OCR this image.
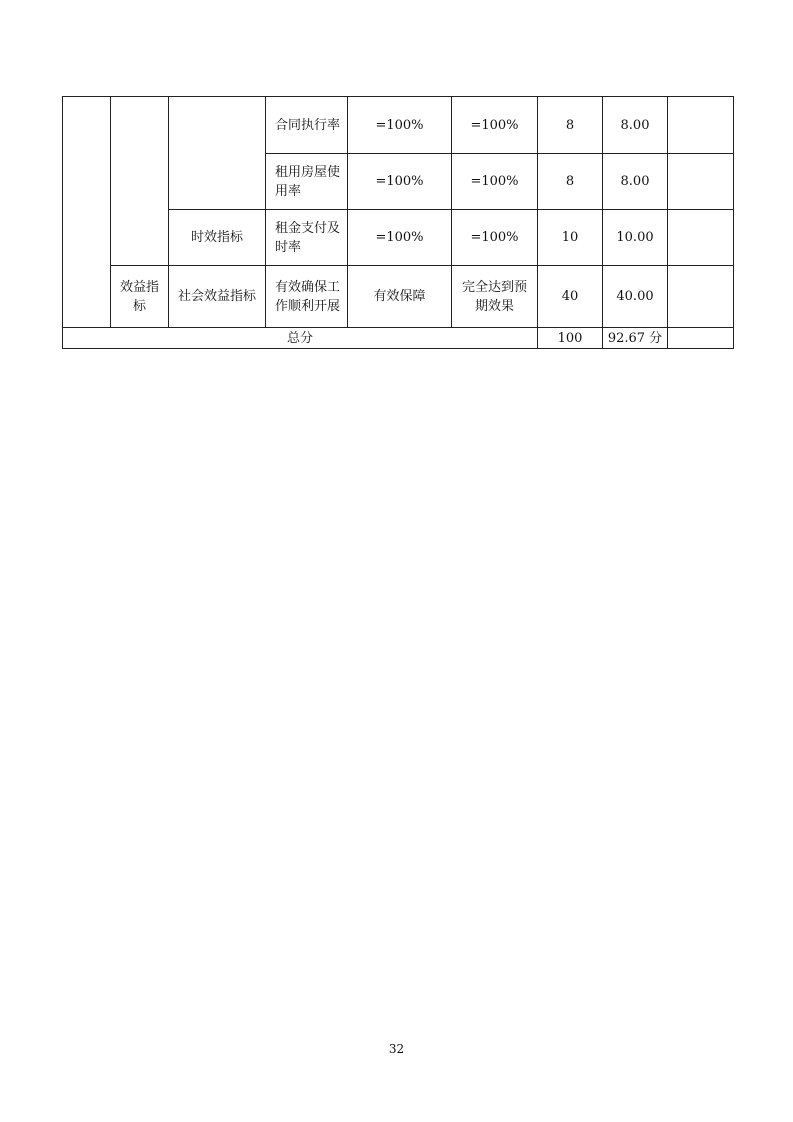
			合同执行率	=100%	=100%	8	8.00	
			租用房屋使用率	=100%	=100%	8	8.00	
		时效指标	租金支付及时率	=100%	=100%	10	10.00	
	效益指标	社会效益指标	有效确保工作顺利开展	有效保障	完全达到预期效果	40	40.00	
总分						100	92.67 分	
32
